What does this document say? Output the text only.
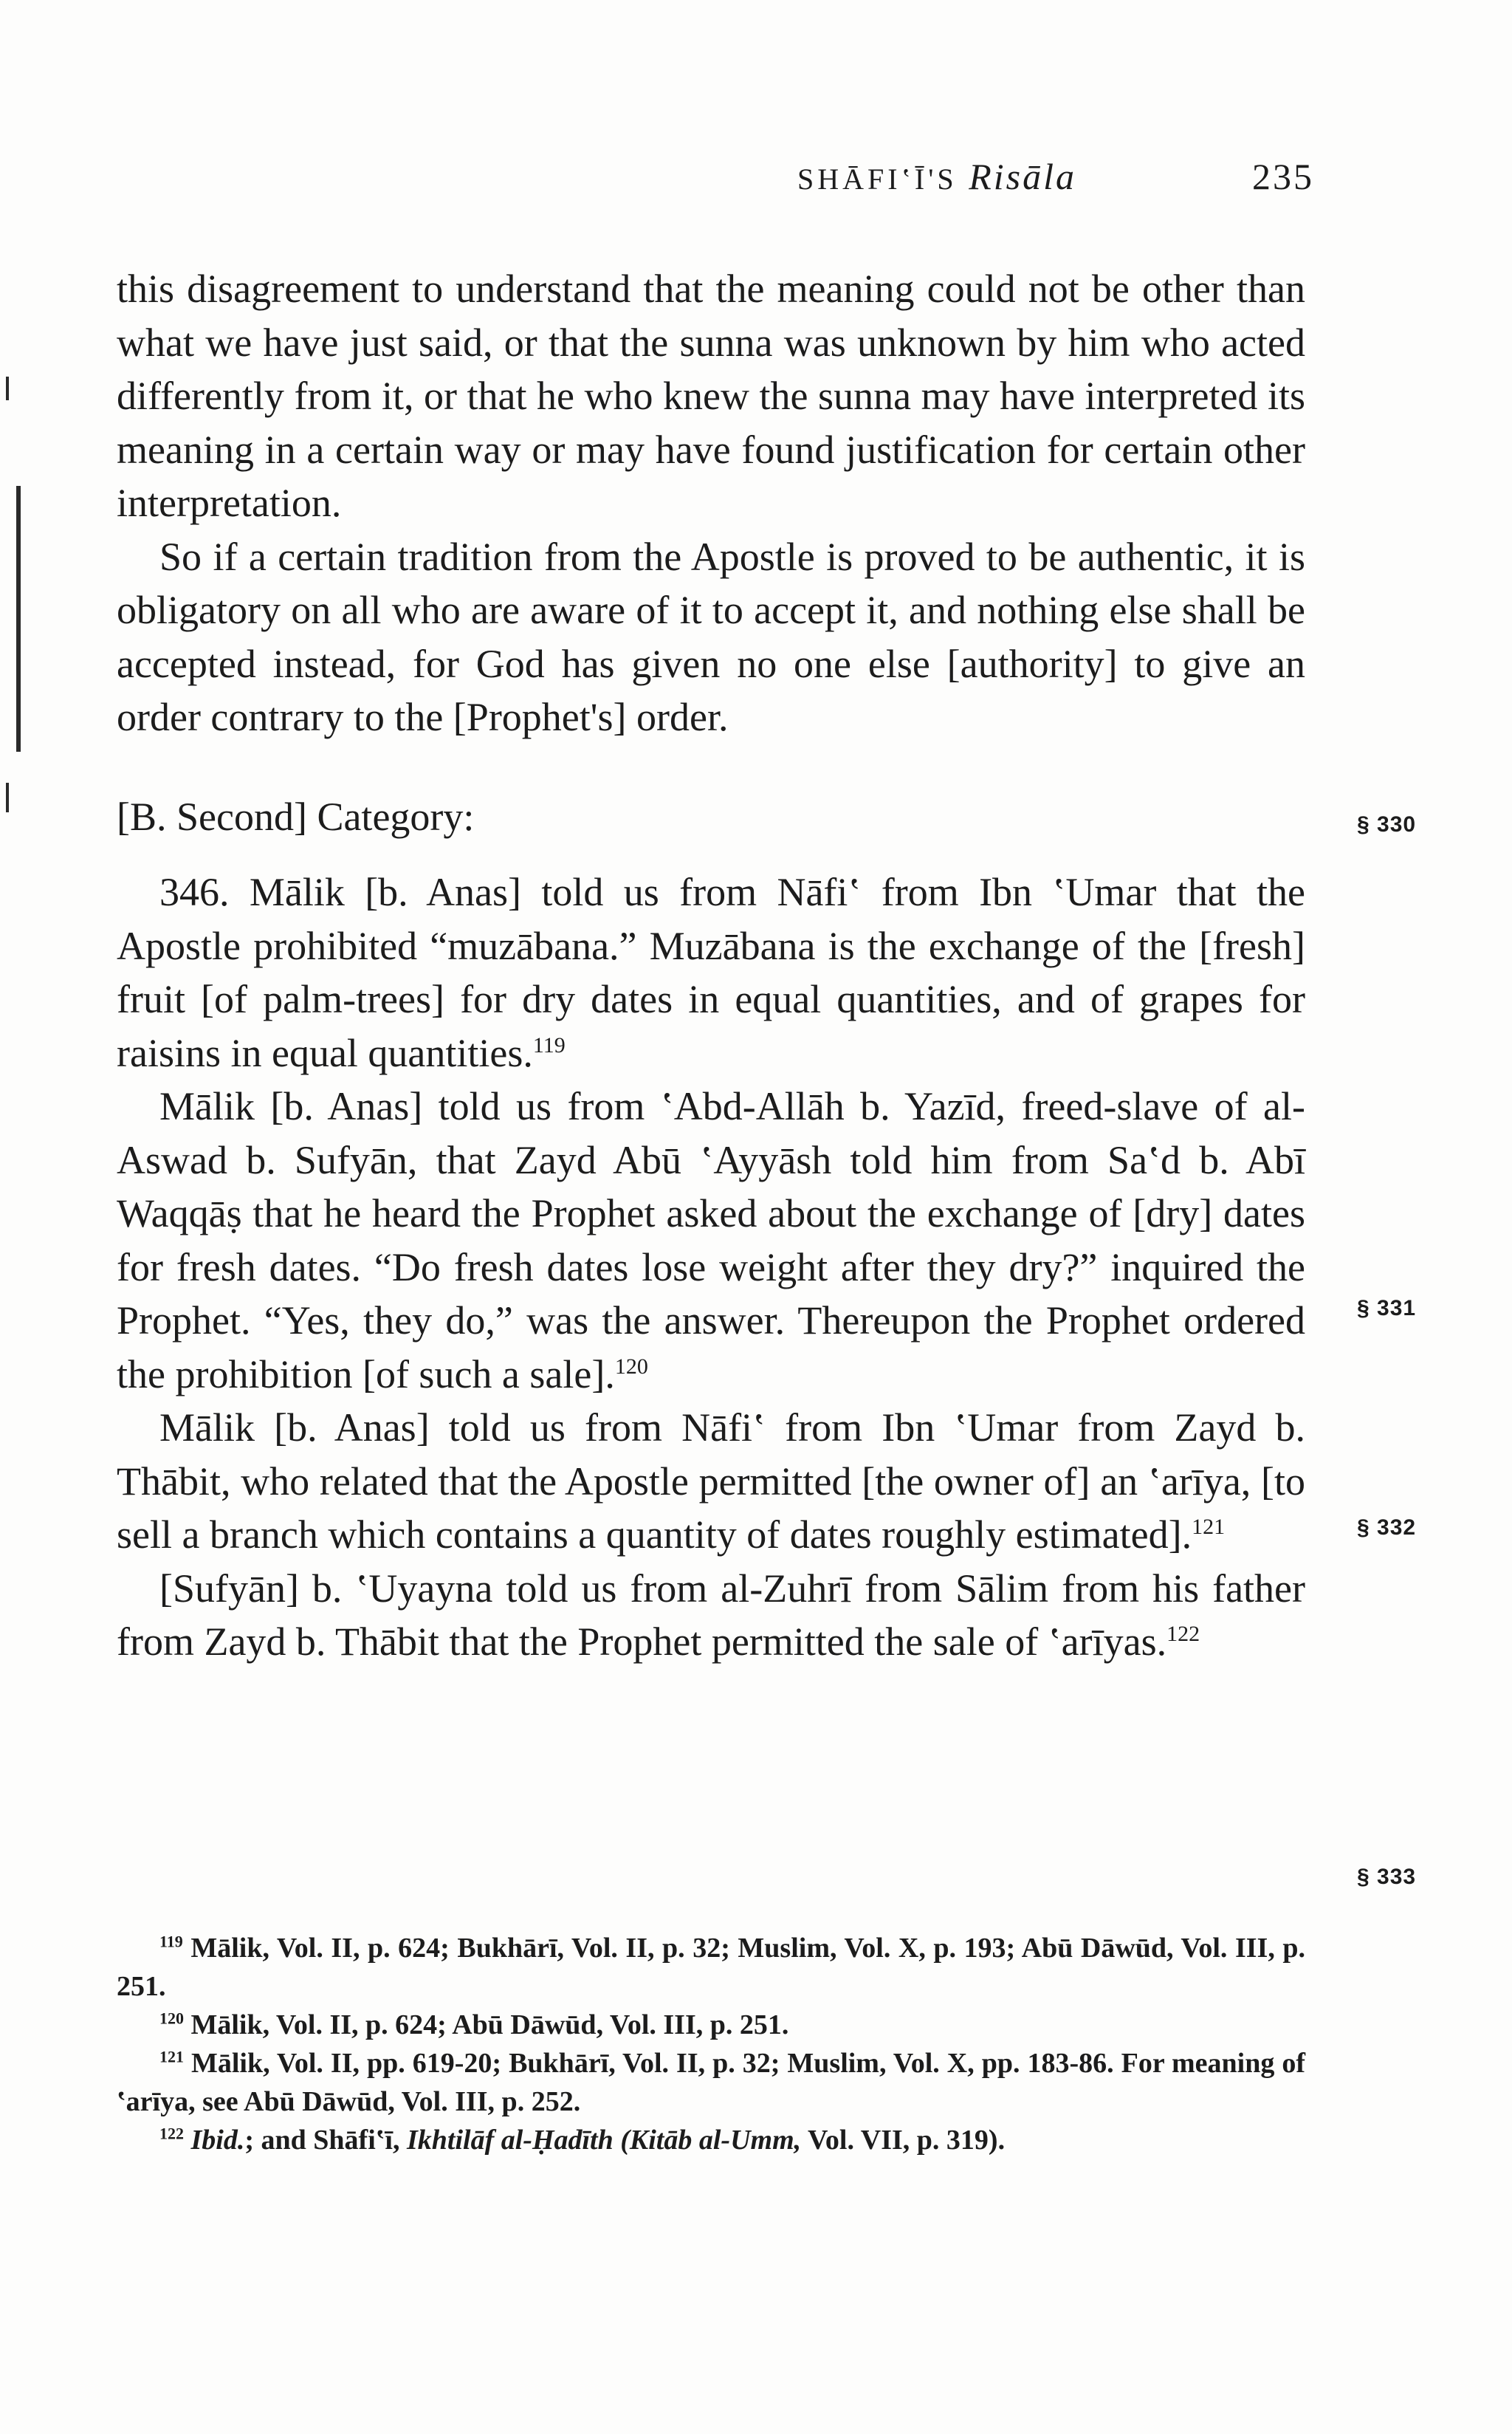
SHĀFIʽĪ'S Risāla	235

this disagreement to understand that the meaning could not be other than what we have just said, or that the sunna was unknown by him who acted differently from it, or that he who knew the sunna may have interpreted its meaning in a certain way or may have found justification for certain other interpretation.

So if a certain tradition from the Apostle is proved to be authentic, it is obligatory on all who are aware of it to accept it, and nothing else shall be accepted instead, for God has given no one else [authority] to give an order contrary to the [Prophet's] order.

[B. Second] Category:

346. Mālik [b. Anas] told us from Nāfiʽ from Ibn ʽUmar that the Apostle prohibited “muzābana.” Muzābana is the exchange of the [fresh] fruit [of palm-trees] for dry dates in equal quantities, and of grapes for raisins in equal quantities.$^{119}$

Mālik [b. Anas] told us from ʽAbd-Allāh b. Yazīd, freed-slave of al-Aswad b. Sufyān, that Zayd Abū ʽAyyāsh told him from Saʽd b. Abī Waqqāṣ that he heard the Prophet asked about the exchange of [dry] dates for fresh dates. “Do fresh dates lose weight after they dry?” inquired the Prophet. “Yes, they do,” was the answer. Thereupon the Prophet ordered the prohibition [of such a sale].$^{120}$

Mālik [b. Anas] told us from Nāfiʽ from Ibn ʽUmar from Zayd b. Thābit, who related that the Apostle permitted [the owner of] an ʽarīya, [to sell a branch which contains a quantity of dates roughly estimated].$^{121}$

[Sufyān] b. ʽUyayna told us from al-Zuhrī from Sālim from his father from Zayd b. Thābit that the Prophet permitted the sale of ʽarīyas.$^{122}$

§ 330
§ 331
§ 332
§ 333

$^{119}$ Mālik, Vol. II, p. 624; Bukhārī, Vol. II, p. 32; Muslim, Vol. X, p. 193; Abū Dāwūd, Vol. III, p. 251.

$^{120}$ Mālik, Vol. II, p. 624; Abū Dāwūd, Vol. III, p. 251.

$^{121}$ Mālik, Vol. II, pp. 619-20; Bukhārī, Vol. II, p. 32; Muslim, Vol. X, pp. 183-86. For meaning of ʽarīya, see Abū Dāwūd, Vol. III, p. 252.

$^{122}$ Ibid.; and Shāfiʽī, Ikhtilāf al-Ḥadīth (Kitāb al-Umm, Vol. VII, p. 319).
